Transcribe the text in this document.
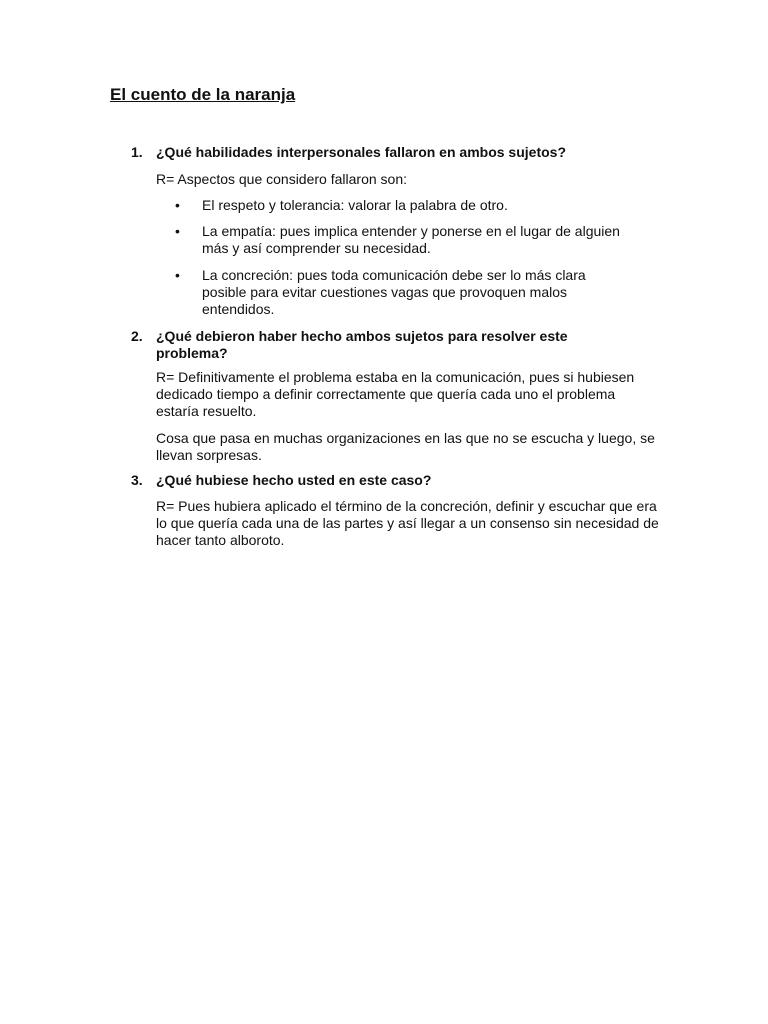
El cuento de la naranja
1. ¿Qué habilidades interpersonales fallaron en ambos sujetos?

R= Aspectos que considero fallaron son:

• El respeto y tolerancia: valorar la palabra de otro.
• La empatía: pues implica entender y ponerse en el lugar de alguien más y así comprender su necesidad.
• La concreción: pues toda comunicación debe ser lo más clara posible para evitar cuestiones vagas que provoquen malos entendidos.
2. ¿Qué debieron haber hecho ambos sujetos para resolver este problema?

R= Definitivamente el problema estaba en la comunicación, pues si hubiesen dedicado tiempo a definir correctamente que quería cada uno el problema estaría resuelto.

Cosa que pasa en muchas organizaciones en las que no se escucha y luego, se llevan sorpresas.

3. ¿Qué hubiese hecho usted en este caso?

R= Pues hubiera aplicado el término de la concreción, definir y escuchar que era lo que quería cada una de las partes y así llegar a un consenso sin necesidad de hacer tanto alboroto.
